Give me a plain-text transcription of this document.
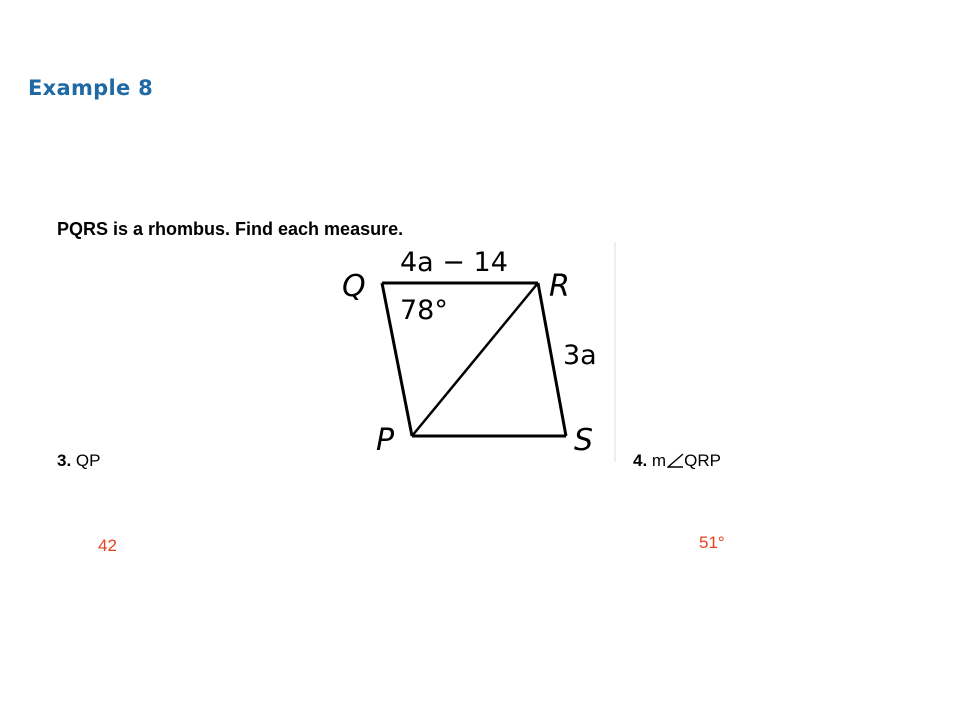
Example 8
PQRS is a rhombus. Find each measure.
Q	R
P	S
4a − 14
3a
78°
3. QP	4. m QRP
42	51°
